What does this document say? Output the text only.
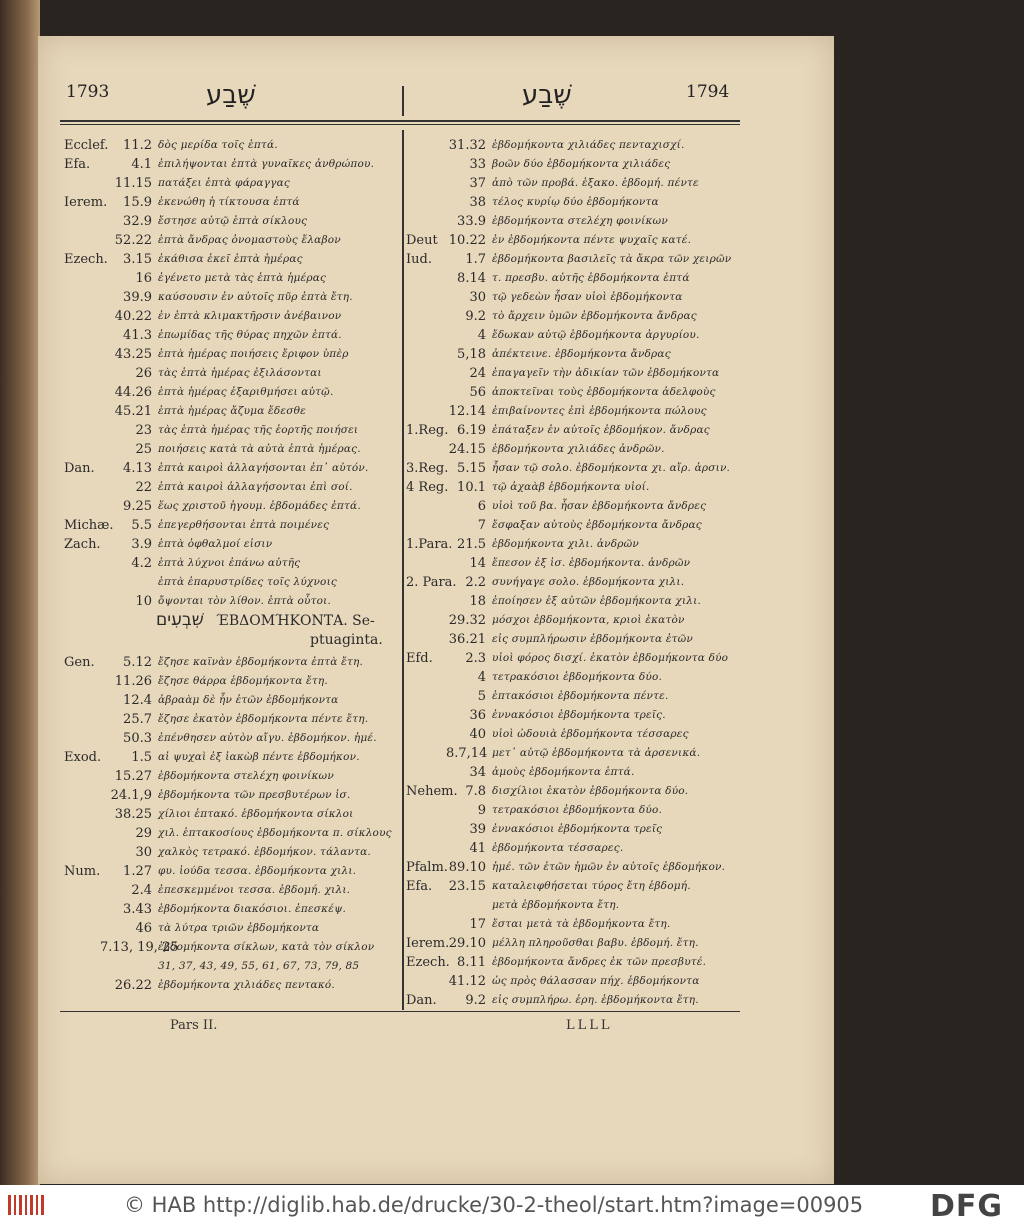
1793	שֶׁבַע	שֶׁבַע	1794
Ecclef. 11.2 δὸς μερίδα τοῖς ἑπτά.
Efa.	4.1 ἐπιλήψονται ἑπτὰ γυναῖκες ἀνθρώπου.
11.15 πατάξει ἑπτὰ φάραγγας
Ierem. 15.9 ἐκενώθη ἡ τίκτουσα ἑπτά
32.9 ἔστησε αὐτῷ ἑπτὰ σίκλους
52.22 ἑπτὰ ἄνδρας ὀνομαστοὺς ἔλαβον
Ezech. 3.15 ἐκάθισα ἐκεῖ ἑπτὰ ἡμέρας
16 ἐγένετο μετὰ τὰς ἑπτὰ ἡμέρας
39.9 καύσουσιν ἐν αὐτοῖς πῦρ ἑπτὰ ἔτη.
40.22 ἐν ἑπτὰ κλιμακτῆρσιν ἀνέβαινον
41.3 ἐπωμίδας τῆς θύρας πηχῶν ἑπτά.
43.25 ἑπτὰ ἡμέρας ποιήσεις ἔριφον ὑπὲρ
26 τὰς ἑπτὰ ἡμέρας ἐξιλάσονται
44.26 ἑπτὰ ἡμέρας ἐξαριθμήσει αὐτῷ.
45.21 ἑπτὰ ἡμέρας ἄζυμα ἔδεσθε
23 τὰς ἑπτὰ ἡμέρας τῆς ἑορτῆς ποιήσει
25 ποιήσεις κατὰ τὰ αὐτὰ ἑπτὰ ἡμέρας.
Dan. 4.13 ἑπτὰ καιροὶ ἀλλαγήσονται ἐπ᾽ αὐτόν.
22 ἑπτὰ καιροὶ ἀλλαγήσονται ἐπὶ σοί.
9.25 ἕως χριστοῦ ἡγουμ. ἑβδομάδες ἑπτά.
Michæ. 5.5 ἐπεγερθήσονται ἑπτὰ ποιμένες
Zach. 3.9 ἑπτὰ ὀφθαλμοί εἰσιν
4.2 ἑπτὰ λύχνοι ἐπάνω αὐτῆς
ἑπτὰ ἐπαρυστρίδες τοῖς λύχνοις
10 ὄψονται τὸν λίθον. ἑπτὰ οὗτοι.
שִׁבְעִים ΈΒΔΟΜΉΚΟΝΤΑ. Se-
ptuaginta.
Gen. 5.12 ἔζησε καϊνὰν ἑβδομήκοντα ἑπτὰ ἔτη.
11.26 ἔζησε θάρρα ἑβδομήκοντα ἔτη.
12.4 ἀβραὰμ δὲ ἦν ἐτῶν ἑβδομήκοντα
25.7 ἔζησε ἑκατὸν ἑβδομήκοντα πέντε ἔτη.
50.3 ἐπένθησεν αὐτὸν αἴγυ. ἑβδομήκον. ἡμέ.
Exod. 1.5 αἱ ψυχαὶ ἐξ ἰακὼβ πέντε ἑβδομήκον.
15.27 ἑβδομήκοντα στελέχη φοινίκων
24.1,9 ἑβδομήκοντα τῶν πρεσβυτέρων ἰσ.
38.25 χίλιοι ἑπτακό. ἑβδομήκοντα σίκλοι
29 χιλ. ἑπτακοσίους ἑβδομήκοντα π. σίκλους
30 χαλκὸς τετρακό. ἑβδομήκον. τάλαντα.
Num. 1.27 φυ. ἰούδα τεσσα. ἑβδομήκοντα χιλι.
2.4 ἐπεσκεμμένοι τεσσα. ἑβδομή. χιλι.
3.43 ἑβδομήκοντα διακόσιοι. ἐπεσκέψ.
46 τὰ λύτρα τριῶν ἑβδομήκοντα
7.13, 19, 25
ἑβδομήκοντα σίκλων, κατὰ τὸν σίκλον
31, 37, 43, 49, 55, 61, 67, 73, 79, 85
26.22 ἑβδομήκοντα χιλιάδες πεντακό.
31.32 ἑβδομήκοντα χιλιάδες πενταχισχί.
33 βοῶν δύο ἑβδομήκοντα χιλιάδες
37 ἀπὸ τῶν προβά. ἑξακο. ἑβδομή. πέντε
38 τέλος κυρίῳ δύο ἑβδομήκοντα
33.9 ἑβδομήκοντα στελέχη φοινίκων
Deut 10.22 ἐν ἑβδομήκοντα πέντε ψυχαῖς κατέ.
Iud.	1.7 ἑβδομήκοντα βασιλεῖς τὰ ἄκρα τῶν χειρῶν
8.14 τ. πρεσβυ. αὐτῆς ἑβδομήκοντα ἑπτά
30 τῷ γεδεὼν ἦσαν υἱοὶ ἑβδομήκοντα
9.2 τὸ ἄρχειν ὑμῶν ἑβδομήκοντα ἄνδρας
4 ἔδωκαν αὐτῷ ἑβδομήκοντα ἀργυρίου.
5,18 ἀπέκτεινε. ἑβδομήκοντα ἄνδρας
24 ἐπαγαγεῖν τὴν ἀδικίαν τῶν ἑβδομήκοντα
56 ἀποκτεῖναι τοὺς ἑβδομήκοντα ἀδελφοὺς
12.14 ἐπιβαίνοντες ἐπὶ ἑβδομήκοντα πώλους
1.Reg. 6.19 ἐπάταξεν ἐν αὐτοῖς ἑβδομήκον. ἄνδρας
24.15 ἑβδομήκοντα χιλιάδες ἀνδρῶν.
3.Reg. 5.15 ἦσαν τῷ σολο. ἑβδομήκοντα χι. αἴρ. ἀρσιν.
4 Reg. 10.1 τῷ ἀχαὰβ ἑβδομήκοντα υἱοί.
6 υἱοὶ τοῦ βα. ἦσαν ἑβδομήκοντα ἄνδρες
7 ἔσφαξαν αὐτοὺς ἑβδομήκοντα ἄνδρας
1.Para. 21.5 ἑβδομήκοντα χιλι. ἀνδρῶν
14 ἔπεσον ἐξ ἰσ. ἑβδομήκοντα. ἀνδρῶν
2. Para. 2.2 συνήγαγε σολο. ἑβδομήκοντα χιλι.
18 ἐποίησεν ἐξ αὐτῶν ἑβδομήκοντα χιλι.
29.32 μόσχοι ἑβδομήκοντα, κριοὶ ἑκατὸν
36.21 εἰς συμπλήρωσιν ἑβδομήκοντα ἐτῶν
Efd.	2.3 υἱοὶ φόρος δισχί. ἑκατὸν ἑβδομήκοντα δύο
4 τετρακόσιοι ἑβδομήκοντα δύο.
5 ἑπτακόσιοι ἑβδομήκοντα πέντε.
36 ἐννακόσιοι ἑβδομήκοντα τρεῖς.
40 υἱοὶ ὠδουιὰ ἑβδομήκοντα τέσσαρες
8.7,14 μετ᾽ αὐτῷ ἑβδομήκοντα τὰ ἀρσενικά.
34 ἀμοὺς ἑβδομήκοντα ἑπτά.
Nehem. 7.8 δισχίλιοι ἑκατὸν ἑβδομήκοντα δύο.
9 τετρακόσιοι ἑβδομήκοντα δύο.
39 ἐννακόσιοι ἑβδομήκοντα τρεῖς
41 ἑβδομήκοντα τέσσαρες.
Pfalm. 89.10 ἡμέ. τῶν ἐτῶν ἡμῶν ἐν αὐτοῖς ἑβδομήκον.
Efa. 23.15 καταλειφθήσεται τύρος ἔτη ἑβδομή.
μετὰ ἑβδομήκοντα ἔτη.
17 ἔσται μετὰ τὰ ἑβδομήκοντα ἔτη.
Ierem. 29.10 μέλλη πληροῦσθαι βαβυ. ἑβδομή. ἔτη.
Ezech. 8.11 ἑβδομήκοντα ἄνδρες ἐκ τῶν πρεσβυτέ.
41.12 ὡς πρὸς θάλασσαν πήχ. ἑβδομήκοντα
Dan. 9.2 εἰς συμπλήρω. ἐρη. ἑβδομήκοντα ἔτη.
Pars II.	LLLL
© HAB http://diglib.hab.de/drucke/30-2-theol/start.htm?image=00905 DFG
